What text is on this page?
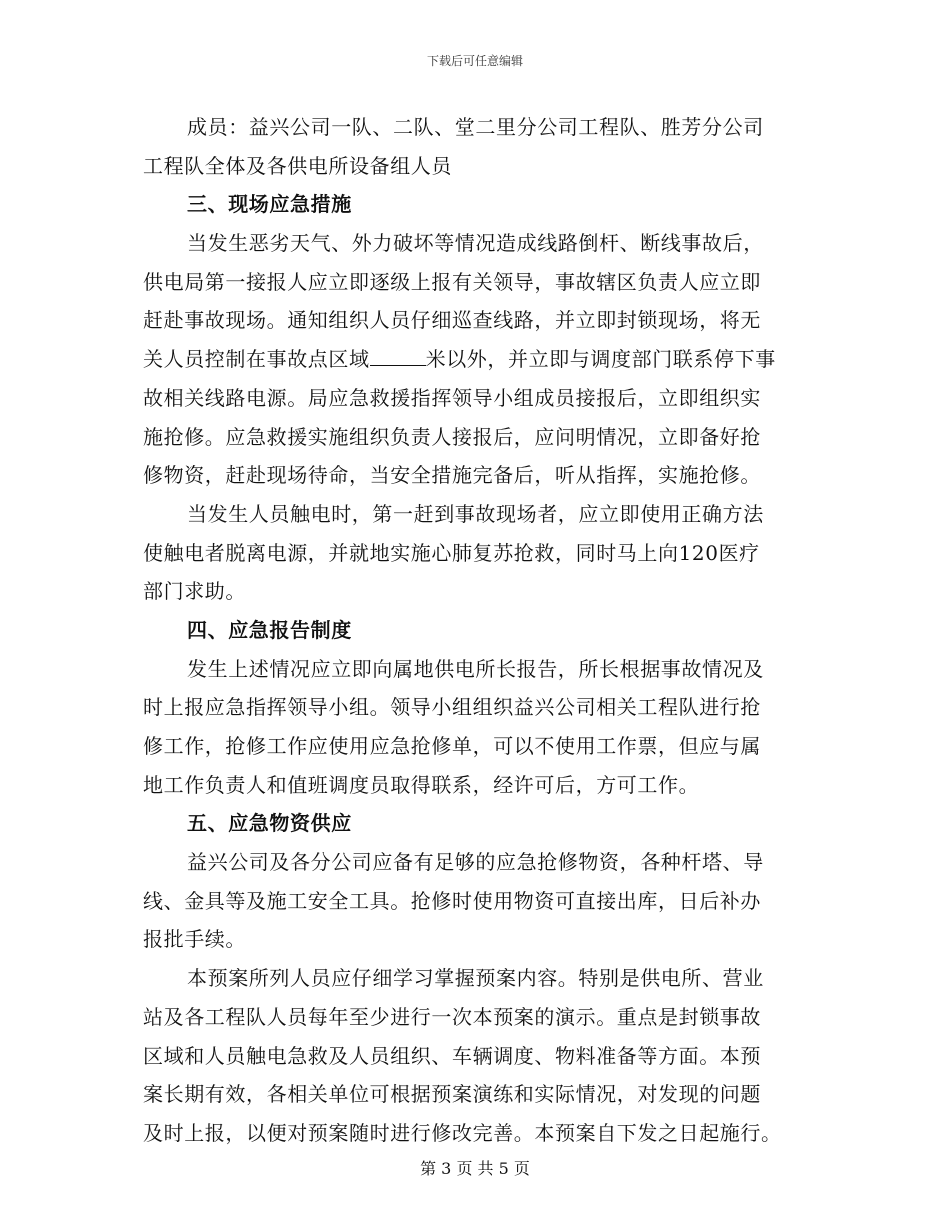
下载后可任意编辑
成员：益兴公司一队、二队、堂二里分公司工程队、胜芳分公司
工程队全体及各供电所设备组人员
三、现场应急措施
当发生恶劣天气、外力破坏等情况造成线路倒杆、断线事故后，
供电局第一接报人应立即逐级上报有关领导，事故辖区负责人应立即
赶赴事故现场。通知组织人员仔细巡查线路，并立即封锁现场，将无
关人员控制在事故点区域	米以外，并立即与调度部门联系停下事
故相关线路电源。局应急救援指挥领导小组成员接报后，立即组织实
施抢修。应急救援实施组织负责人接报后，应问明情况，立即备好抢
修物资，赶赴现场待命，当安全措施完备后，听从指挥，实施抢修。
当发生人员触电时，第一赶到事故现场者，应立即使用正确方法
使触电者脱离电源，并就地实施心肺复苏抢救，同时马上向120医疗
部门求助。
四、应急报告制度
发生上述情况应立即向属地供电所长报告，所长根据事故情况及
时上报应急指挥领导小组。领导小组组织益兴公司相关工程队进行抢
修工作，抢修工作应使用应急抢修单，可以不使用工作票，但应与属
地工作负责人和值班调度员取得联系，经许可后，方可工作。
五、应急物资供应
益兴公司及各分公司应备有足够的应急抢修物资，各种杆塔、导
线、金具等及施工安全工具。抢修时使用物资可直接出库，日后补办
报批手续。
本预案所列人员应仔细学习掌握预案内容。特别是供电所、营业
站及各工程队人员每年至少进行一次本预案的演示。重点是封锁事故
区域和人员触电急救及人员组织、车辆调度、物料准备等方面。本预
案长期有效，各相关单位可根据预案演练和实际情况，对发现的问题
及时上报，以便对预案随时进行修改完善。本预案自下发之日起施行。
第 3 页 共 5 页
